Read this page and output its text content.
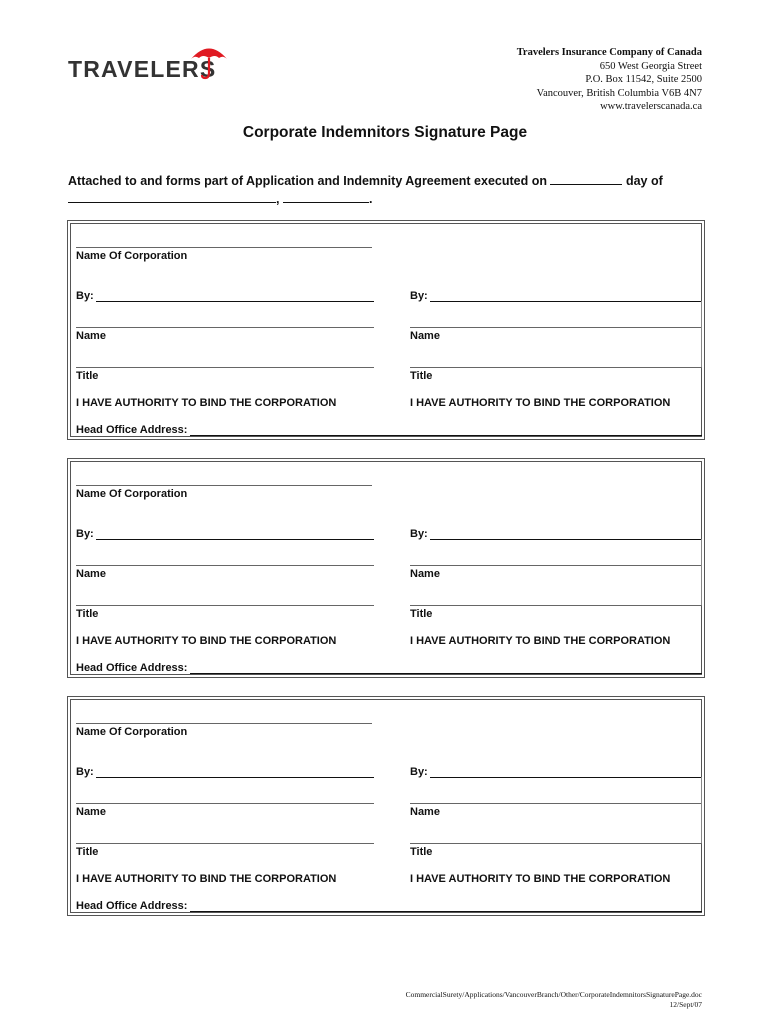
TRAVELERS
Travelers Insurance Company of Canada
650 West Georgia Street
P.O. Box 11542, Suite 2500
Vancouver, British Columbia V6B 4N7
www.travelerscanada.ca
Corporate Indemnitors Signature Page
Attached to and forms part of Application and Indemnity Agreement executed on	day of
,	.
Name Of Corporation
By:	By:
Name	Name
Title	Title
I HAVE AUTHORITY TO BIND THE CORPORATION	I HAVE AUTHORITY TO BIND THE CORPORATION
Head Office Address:
Name Of Corporation
By:	By:
Name	Name
Title	Title
I HAVE AUTHORITY TO BIND THE CORPORATION	I HAVE AUTHORITY TO BIND THE CORPORATION
Head Office Address:
Name Of Corporation
By:	By:
Name	Name
Title	Title
I HAVE AUTHORITY TO BIND THE CORPORATION	I HAVE AUTHORITY TO BIND THE CORPORATION
Head Office Address:
CommercialSurety/Applications/VancouverBranch/Other/CorporateIndemnitorsSignaturePage.doc
12/Sept/07
